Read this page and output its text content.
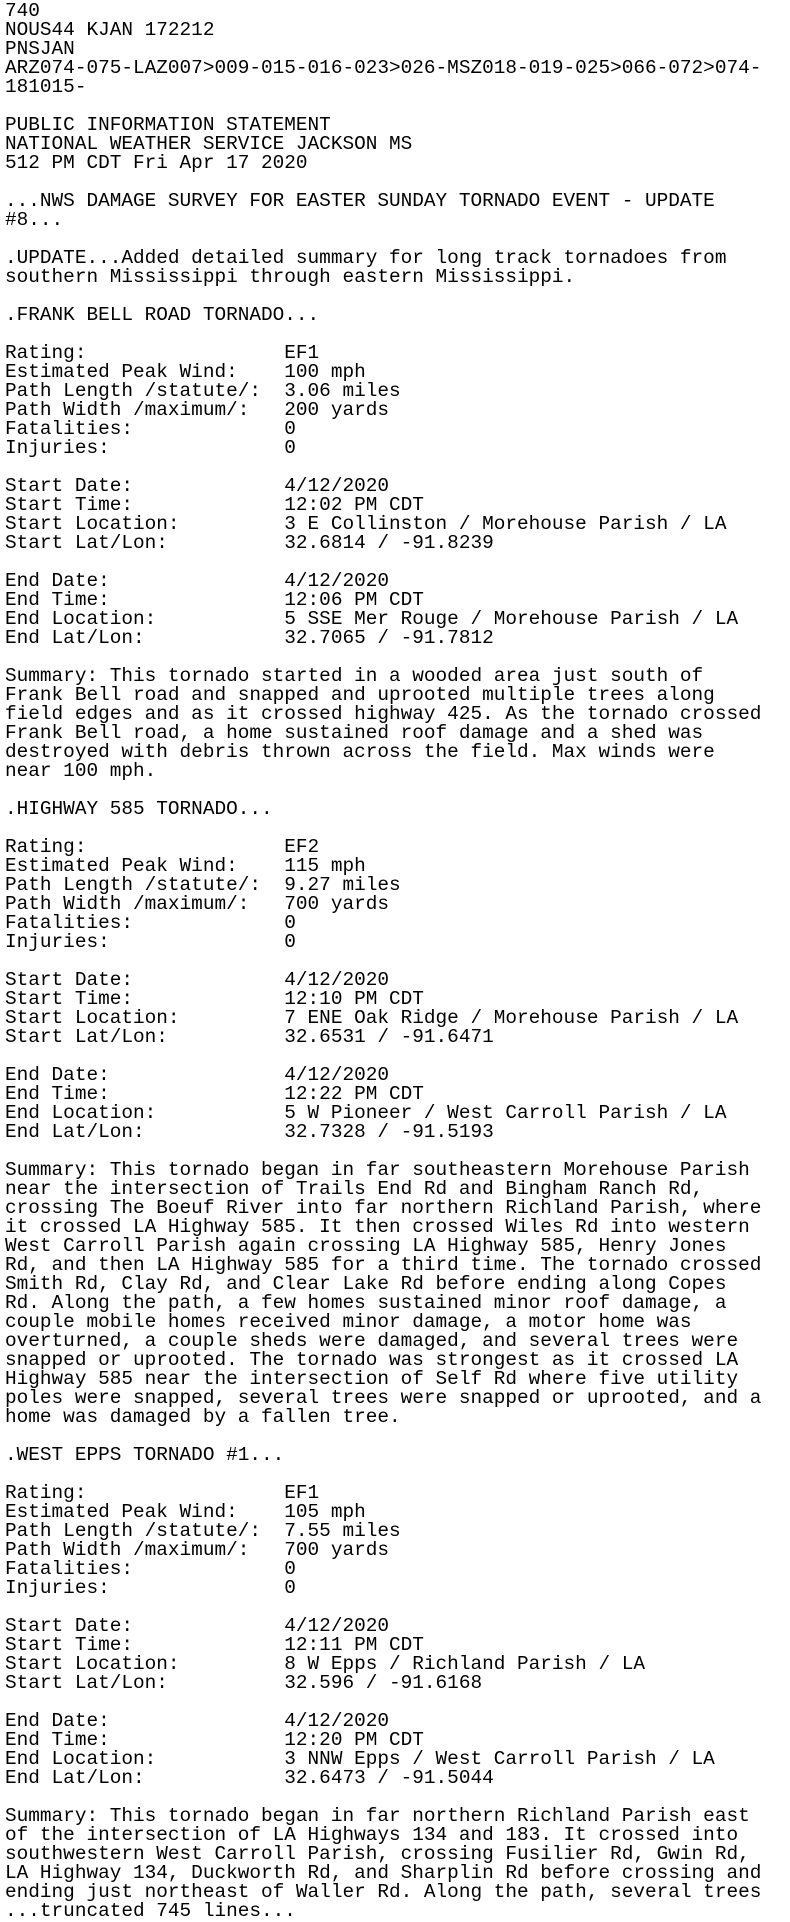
740
NOUS44 KJAN 172212
PNSJAN
ARZ074-075-LAZ007>009-015-016-023>026-MSZ018-019-025>066-072>074-
181015-
PUBLIC INFORMATION STATEMENT
NATIONAL WEATHER SERVICE JACKSON MS
512 PM CDT Fri Apr 17 2020
...NWS DAMAGE SURVEY FOR EASTER SUNDAY TORNADO EVENT - UPDATE
#8...
.UPDATE...Added detailed summary for long track tornadoes from
southern Mississippi through eastern Mississippi.
.FRANK BELL ROAD TORNADO...
Rating:                 EF1
Estimated Peak Wind:    100 mph
Path Length /statute/:  3.06 miles
Path Width /maximum/:   200 yards
Fatalities:             0
Injuries:               0
Start Date:             4/12/2020
Start Time:             12:02 PM CDT
Start Location:         3 E Collinston / Morehouse Parish / LA
Start Lat/Lon:          32.6814 / -91.8239
End Date:               4/12/2020
End Time:               12:06 PM CDT
End Location:           5 SSE Mer Rouge / Morehouse Parish / LA
End Lat/Lon:            32.7065 / -91.7812
Summary: This tornado started in a wooded area just south of
Frank Bell road and snapped and uprooted multiple trees along
field edges and as it crossed highway 425. As the tornado crossed
Frank Bell road, a home sustained roof damage and a shed was
destroyed with debris thrown across the field. Max winds were
near 100 mph.
.HIGHWAY 585 TORNADO...
Rating:                 EF2
Estimated Peak Wind:    115 mph
Path Length /statute/:  9.27 miles
Path Width /maximum/:   700 yards
Fatalities:             0
Injuries:               0
Start Date:             4/12/2020
Start Time:             12:10 PM CDT
Start Location:         7 ENE Oak Ridge / Morehouse Parish / LA
Start Lat/Lon:          32.6531 / -91.6471
End Date:               4/12/2020
End Time:               12:22 PM CDT
End Location:           5 W Pioneer / West Carroll Parish / LA
End Lat/Lon:            32.7328 / -91.5193
Summary: This tornado began in far southeastern Morehouse Parish
near the intersection of Trails End Rd and Bingham Ranch Rd,
crossing The Boeuf River into far northern Richland Parish, where
it crossed LA Highway 585. It then crossed Wiles Rd into western
West Carroll Parish again crossing LA Highway 585, Henry Jones
Rd, and then LA Highway 585 for a third time. The tornado crossed
Smith Rd, Clay Rd, and Clear Lake Rd before ending along Copes
Rd. Along the path, a few homes sustained minor roof damage, a
couple mobile homes received minor damage, a motor home was
overturned, a couple sheds were damaged, and several trees were
snapped or uprooted. The tornado was strongest as it crossed LA
Highway 585 near the intersection of Self Rd where five utility
poles were snapped, several trees were snapped or uprooted, and a
home was damaged by a fallen tree.
.WEST EPPS TORNADO #1...
Rating:                 EF1
Estimated Peak Wind:    105 mph
Path Length /statute/:  7.55 miles
Path Width /maximum/:   700 yards
Fatalities:             0
Injuries:               0
Start Date:             4/12/2020
Start Time:             12:11 PM CDT
Start Location:         8 W Epps / Richland Parish / LA
Start Lat/Lon:          32.596 / -91.6168
End Date:               4/12/2020
End Time:               12:20 PM CDT
End Location:           3 NNW Epps / West Carroll Parish / LA
End Lat/Lon:            32.6473 / -91.5044
Summary: This tornado began in far northern Richland Parish east
of the intersection of LA Highways 134 and 183. It crossed into
southwestern West Carroll Parish, crossing Fusilier Rd, Gwin Rd,
LA Highway 134, Duckworth Rd, and Sharplin Rd before crossing and
ending just northeast of Waller Rd. Along the path, several trees
...truncated 745 lines...
